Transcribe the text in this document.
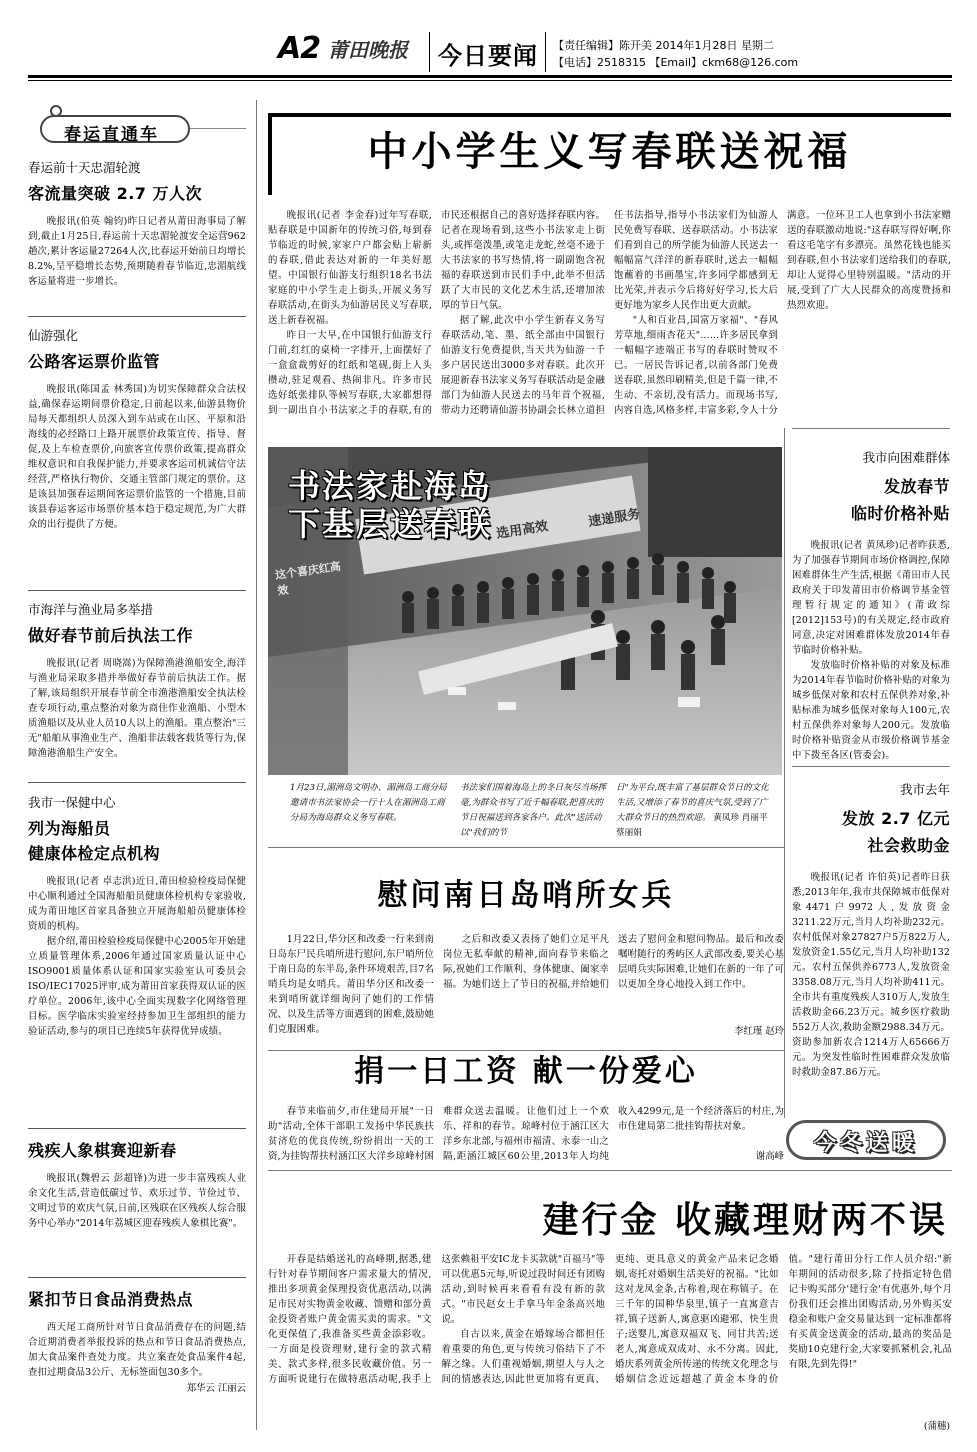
A2 莆田晚报 今日要闻 【责任编辑】陈开美 2014年1月28日 星期二
【电话】2518315 【Email】ckm68@126.com
春运直通车
春运前十天忠湄轮渡
客流量突破 2.7 万人次
晚报讯(伯英 翰钧)昨日记者从莆田海事局了解到,截止1月25日,春运前十天忠湄轮渡安全运营962趟次,累计客运量27264人次,比春运开始前日均增长8.2%,呈平稳增长态势,预期随着春节临近,忠湄航线客运量将进一步增长。
仙游强化
公路客运票价监管
晚报讯(陈国孟 林秀国)为切实保障群众合法权益,确保春运期间票价稳定,日前起以来,仙游县物价局每天都组织人员深入到车站或在山区、平原和沿海线的必经路口上路开展票价政策宣传、指导、督促,及上车检查票价,向旅客宣传票价政策,提高群众维权意识和自我保护能力,并要求客运司机诚信守法经营,严格执行物价、交通主管部门规定的票价。这是该县加强春运期间客运票价监管的一个措施,目前该县春运客运市场票价基本趋于稳定规范,为广大群众的出行提供了方便。
市海洋与渔业局多举措
做好春节前后执法工作
晚报讯(记者 周晓嵩)为保障渔港渔船安全,海洋与渔业局采取多措并举做好春节前后执法工作。据了解,该局组织开展春节前全市渔港渔船安全执法检查专项行动,重点整治对象为商住作业渔船、小型木质渔船以及从业人员10人以上的渔船。重点整治"三无"船舶从事渔业生产、渔船非法载客载货等行为,保障渔港渔船生产安全。
我市一保健中心
列为海船员
健康体检定点机构
晚报讯(记者 卓志洪)近日,莆田检验检疫局保健中心顺利通过全国海船船员健康体检机构专家验收,成为莆田地区首家具备独立开展海船船员健康体检资质的机构。
据介绍,莆田检验检疫局保健中心2005年开始建立质量管理体系,2006年通过国家质量认证中心ISO9001质量体系认证和国家实验室认可委员会ISO/IEC17025评审,成为莆田首家获得双认证的医疗单位。2006年,该中心全面实现数字化网络管理目标。医学临床实验室经持参加卫生部组织的能力验证活动,参与的项目已连续5年获得优异成绩。
残疾人象棋赛迎新春
晚报讯(魏碧云 彭超锋)为进一步丰富残疾人业余文化生活,营造低碳过节、欢乐过节、节俭过节、文明过节的欢庆气氛,日前,区残联在区残疾人综合服务中心举办"2014年荔城区迎春残疾人象棋比赛"。
紧扣节日食品消费热点
西天尾工商所针对节日食品消费存在的问题,结合近期消费者举报投诉的热点和节日食品消费热点,加大食品案件查处力度。共立案查处食品案件4起,查扣过期食品3公斤、无标签面包30多个。
郑华云 江丽云
中小学生义写春联送祝福
书法家赴海岛
下基层送春联
这个喜庆红高效
选用高效
速递服务
1月23日,湄洲岛文明办、湄洲岛工商分局邀请市书法家协会一行十人在湄洲岛工商分局为海岛群众义务写春联。
书法家们围着海岛上的冬日灰尽当场挥毫,为群众书写了近千幅春联,把喜庆的节日祝福送到各家各户。此次"送活动以"我们的节
日"为平台,既丰富了基层群众节日的文化生活,又增添了春节的喜庆气氛,受到了广大群众节日的热烈欢迎。 黄凤珍 肖丽平 蔡丽娟
我市向困难群体
发放春节
临时价格补贴
晚报讯(记者 黄凤珍)记者昨获悉,为了加强春节期间市场价格调控,保障困难群体生产生活,根据《莆田市人民政府关于印发莆田市价格调节基金管理暂行规定的通知》(莆政综[2012]153号)的有关规定,经市政府同意,决定对困难群体发放2014年春节临时价格补贴。
发放临时价格补贴的对象及标准为2014年春节临时价格补贴的对象为城乡低保对象和农村五保供养对象,补贴标准为城乡低保对象每人100元,农村五保供养对象每人200元。发放临时价格补贴资金从市级价格调节基金中下拨至各区(管委会)。
我市去年
发放 2.7 亿元
社会救助金
晚报讯(记者 许伯英)记者昨日获悉,2013年年,我市共保障城市低保对象4471户9972人,发放资金3211.22万元,当月人均补助232元。农村低保对象27827户5万822万人,发放资金1.55亿元,当月人均补助132元。农村五保供养6773人,发放资金3358.08万元,当月人均补助411元。全市共有重度残疾人310万人,发放生活救助金66.23万元。城乡医疗救助552万人次,救助金额2988.34万元。资助参加新农合1214万人65666万元。为突发性临时性困难群众发放临时救助金87.86万元。
慰问南日岛哨所女兵
1月22日,华分区和改委一行来到南日岛东尸民兵哨所进行慰问,东尸哨所位于南日岛的东半岛,条件环境艰苦,目7名哨兵均是女哨兵。莆田华分区和改委一来到哨所就详细询问了她们的工作情况、以及生活等方面遇到的困难,鼓励她们克服困难。
之后和改委又表扬了她们立足平凡岗位无私奉献的精神,面向春节来临之际,祝她们工作顺利、身体健康、阖家幸福。为她们送上了节日的祝福,并给她们送去了慰问金和慰问物品。最后和改委嘱咐随行的秀屿区人武部改委,要关心基层哨兵实际困难,让她们在新的一年了可以更加全身心地投入到工作中。
李红瑾 赵玲
捐一日工资 献一份爱心
春节来临前夕,市住建局开展"一日助"活动,全体干部职工发扬中华民族扶贫济危的优良传统,纷纷捐出一天的工资,为挂钩帮扶村涵江区大洋乡琼峰村困难群众送去温暖。让他们过上一个欢乐、祥和的春节。琼峰村位于涵江区大洋乡东北部,与福州市福清、永泰一山之隔,距涵江城区60公里,2013年人均纯收入4299元,是一个经济落后的村庄,为市住建局第二批挂钩帮扶对象。
谢高峰
今冬送暖
建行金 收藏理财两不误
开春是结婚送礼的高峰期,据悉,建行针对春节期间客户需求量大的情况,推出多项黄金保理投资优惠活动,以满足市民对实物黄金收藏、馈赠和部分黄金投资者账户黄金需买卖的需求。"文化更保值了,我准备买些黄金添彩收。一方面是投资理财,建行金的款式精美、款式多样,很多民收藏价值。另一方面听说建行在做特惠活动呢,我手上这张赖祖平安IC龙卡买款就"百福马"等可以优惠5元每,听说过段时间还有团购活动,到时候再来看看有没有新的款式。"市民赵女士手拿马年金条高兴地说。
自古以来,黄金在婚嫁场合都担任着重要的角色,更与传统习俗结下了不解之缘。人们重视婚姻,期望人与人之间的情感表达,因此世更加将有更真、更纯、更具意义的黄金产品来记念婚姻,寄托对婚姻生活美好的祝福。"比如这对龙凤金条,古称着,现在称镇子。在三千年的国种华泉里,镇子一直寓意吉祥,镇子送新人,寓意驱凶避邪、快生贵子;送婴儿,寓意双福双飞、同甘共苦;送老人,寓意成双成对、永不分离。因此,婚庆系列黄金所传递的传统文化理念与婚姻信念近远超越了黄金本身的价值。"建行莆田分行工作人员介绍:"新年期间的活动很多,除了持指定特色借记卡购买部分'建行金'有优惠外,每个月份我们还会推出团购活动,另外购买安稳金和账户金交易量达到一定标准都将有买黄金送黄金的活动,最高的奖品是奖励10克建行金,大家要抓紧机会,礼品有限,先到先得!"
(蒲穗)
晚报讯(记者 李金春)过年写春联,贴春联是中国新年的传统习俗,每到春节临近的时候,家家户户都会贴上崭新的春联,借此表达对新的一年美好愿望。中国银行仙游支行组织18名书法家庭的中小学生走上街头,开展义务写春联活动,在街头为仙游居民义写春联,送上新春祝福。
昨日一大早,在中国银行仙游支行门前,红红的桌椅一字排开,上面摆好了一盒盒裁剪好的红纸和笔砚,街上人头攒动,驻足观看、热闹非凡。许多市民选好纸张排队等候写春联,大家都想得到一副出自小书法家之手的春联,有的市民还根据自己的喜好选择春联内容。记者在现场看到,这些小书法家走上街头,或挥毫泼墨,或笔走龙蛇,丝毫不逊于大书法家的书写热情,将一副副饱含祝福的春联送到市民们手中,此举不但活跃了大市民的文化艺术生活,还增加浓厚的节日气氛。
据了解,此次中小学生新春义务写春联活动,笔、墨、纸全部由中国银行仙游支行免费提供,当天共为仙游一千多户居民送出3000多对春联。此次开展迎新春书法家义务写春联活动是金融部门为仙游人民送去的马年首个祝福,带动力还聘请仙游书协副会长林立道担任书法指导,指导小书法家们为仙游人民免费写春联、送春联活动。小书法家们看到自己的所学能为仙游人民送去一幅幅富气洋洋的新春联时,送去一幅幅饱蘸着的书画墨宝,许多同学都感到无比光荣,并表示今后将好好学习,长大后更好地为家乡人民作出更大贡献。
"人和百业昌,国富万家福"、"春风芳草地,细雨杏花天"……许多居民拿到一幅幅字迹端正书写的春联时赞叹不已。一居民告诉记者,以前各部门免费送春联,虽然印刷精美,但是千篇一律,不生动、不亲切,没有活力。而现场书写,内容自选,风格多样,丰富多彩,令人十分满意。一位环卫工人也拿到小书法家赠送的春联激动地说:"这春联写得好啊,你看这毛笔字有多漂亮。虽然花钱也能买到春联,但小书法家们送给我们的春联,却让人觉得心里特别温暖。"活动的开展,受到了广大人民群众的高度赞扬和热烈欢迎。
